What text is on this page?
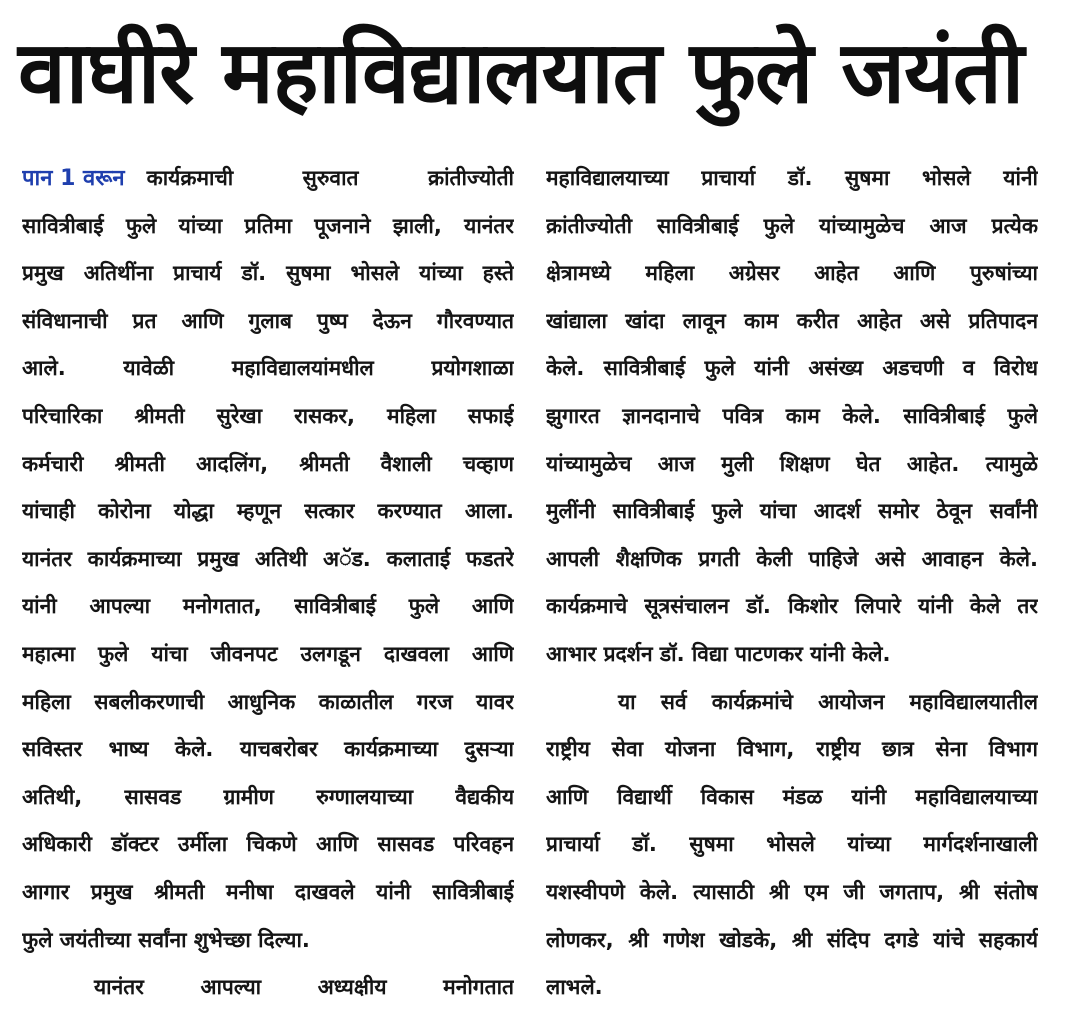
वाघीरे महाविद्यालयात फुले जयंती
पान 1 वरून कार्यक्रमाची सुरुवात क्रांतीज्योती
सावित्रीबाई फुले यांच्या प्रतिमा पूजनाने झाली, यानंतर
प्रमुख अतिथींना प्राचार्य डॉ. सुषमा भोसले यांच्या हस्ते
संविधानाची प्रत आणि गुलाब पुष्प देऊन गौरवण्यात
आले. यावेळी महाविद्यालयांमधील प्रयोगशाळा
परिचारिका श्रीमती सुरेखा रासकर, महिला सफाई
कर्मचारी श्रीमती आदलिंग, श्रीमती वैशाली चव्हाण
यांचाही कोरोना योद्धा म्हणून सत्कार करण्यात आला.
यानंतर कार्यक्रमाच्या प्रमुख अतिथी अॅड. कलाताई फडतरे
यांनी आपल्या मनोगतात, सावित्रीबाई फुले आणि
महात्मा फुले यांचा जीवनपट उलगडून दाखवला आणि
महिला सबलीकरणाची आधुनिक काळातील गरज यावर
सविस्तर भाष्य केले. याचबरोबर कार्यक्रमाच्या दुसऱ्या
अतिथी, सासवड ग्रामीण रुग्णालयाच्या वैद्यकीय
अधिकारी डॉक्टर उर्मीला चिकणे आणि सासवड परिवहन
आगार प्रमुख श्रीमती मनीषा दाखवले यांनी सावित्रीबाई
फुले जयंतीच्या सर्वांना शुभेच्छा दिल्या.
यानंतर आपल्या अध्यक्षीय मनोगतात
महाविद्यालयाच्या प्राचार्या डॉ. सुषमा भोसले यांनी
क्रांतीज्योती सावित्रीबाई फुले यांच्यामुळेच आज प्रत्येक
क्षेत्रामध्ये महिला अग्रेसर आहेत आणि पुरुषांच्या
खांद्याला खांदा लावून काम करीत आहेत असे प्रतिपादन
केले. सावित्रीबाई फुले यांनी असंख्य अडचणी व विरोध
झुगारत ज्ञानदानाचे पवित्र काम केले. सावित्रीबाई फुले
यांच्यामुळेच आज मुली शिक्षण घेत आहेत. त्यामुळे
मुलींनी सावित्रीबाई फुले यांचा आदर्श समोर ठेवून सर्वांनी
आपली शैक्षणिक प्रगती केली पाहिजे असे आवाहन केले.
कार्यक्रमाचे सूत्रसंचालन डॉ. किशोर लिपारे यांनी केले तर
आभार प्रदर्शन डॉ. विद्या पाटणकर यांनी केले.
या सर्व कार्यक्रमांचे आयोजन महाविद्यालयातील
राष्ट्रीय सेवा योजना विभाग, राष्ट्रीय छात्र सेना विभाग
आणि विद्यार्थी विकास मंडळ यांनी महाविद्यालयाच्या
प्राचार्या डॉ. सुषमा भोसले यांच्या मार्गदर्शनाखाली
यशस्वीपणे केले. त्यासाठी श्री एम जी जगताप, श्री संतोष
लोणकर, श्री गणेश खोडके, श्री संदिप दगडे यांचे सहकार्य
लाभले.
